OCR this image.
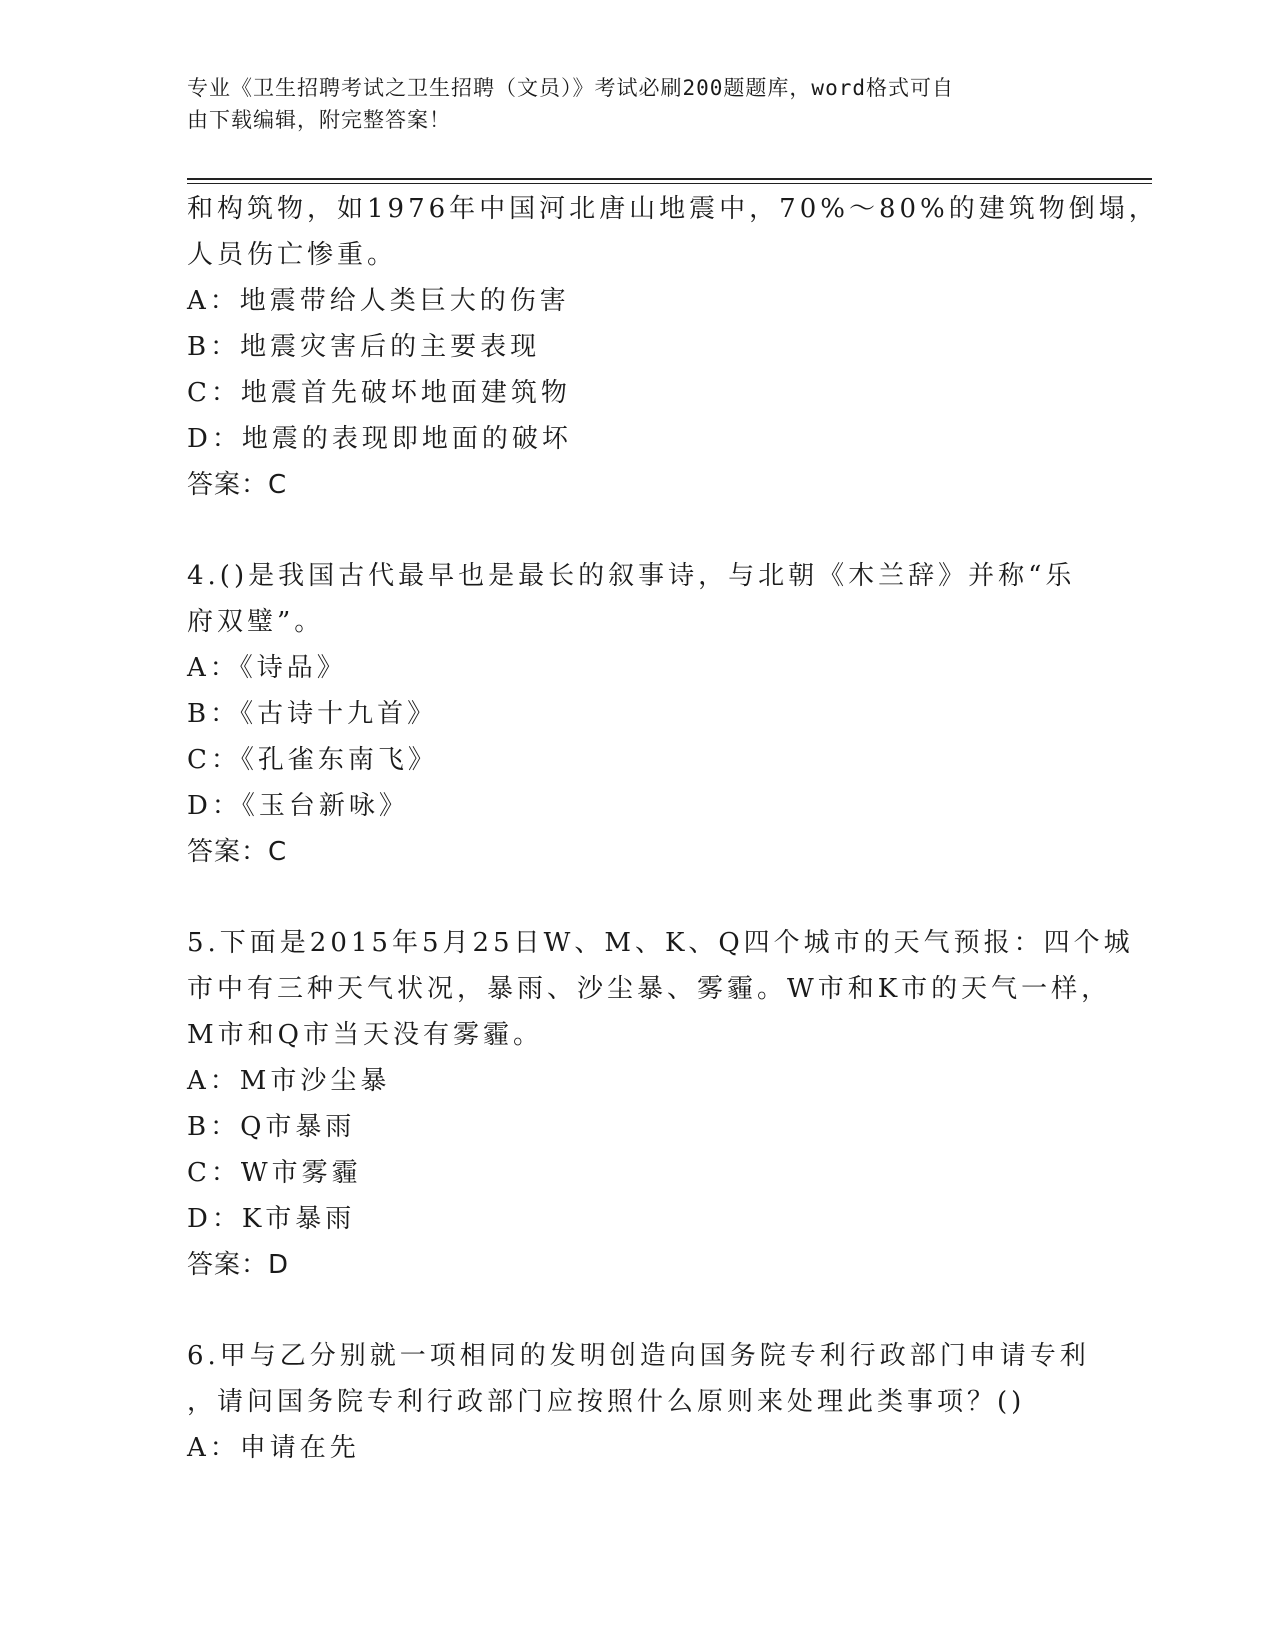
专业《卫生招聘考试之卫生招聘（文员）》考试必刷200题题库，word格式可自
由下载编辑，附完整答案！
和构筑物，如1976年中国河北唐山地震中，70%～80%的建筑物倒塌，
人员伤亡惨重。
A：地震带给人类巨大的伤害
B：地震灾害后的主要表现
C：地震首先破坏地面建筑物
D：地震的表现即地面的破坏
答案：C
4.()是我国古代最早也是最长的叙事诗，与北朝《木兰辞》并称“乐
府双璧”。
A：《诗品》
B：《古诗十九首》
C：《孔雀东南飞》
D：《玉台新咏》
答案：C
5.下面是2015年5月25日W、M、K、Q四个城市的天气预报：四个城
市中有三种天气状况，暴雨、沙尘暴、雾霾。W市和K市的天气一样，
M市和Q市当天没有雾霾。
A：M市沙尘暴
B：Q市暴雨
C：W市雾霾
D：K市暴雨
答案：D
6.甲与乙分别就一项相同的发明创造向国务院专利行政部门申请专利
，请问国务院专利行政部门应按照什么原则来处理此类事项？()
A：申请在先
